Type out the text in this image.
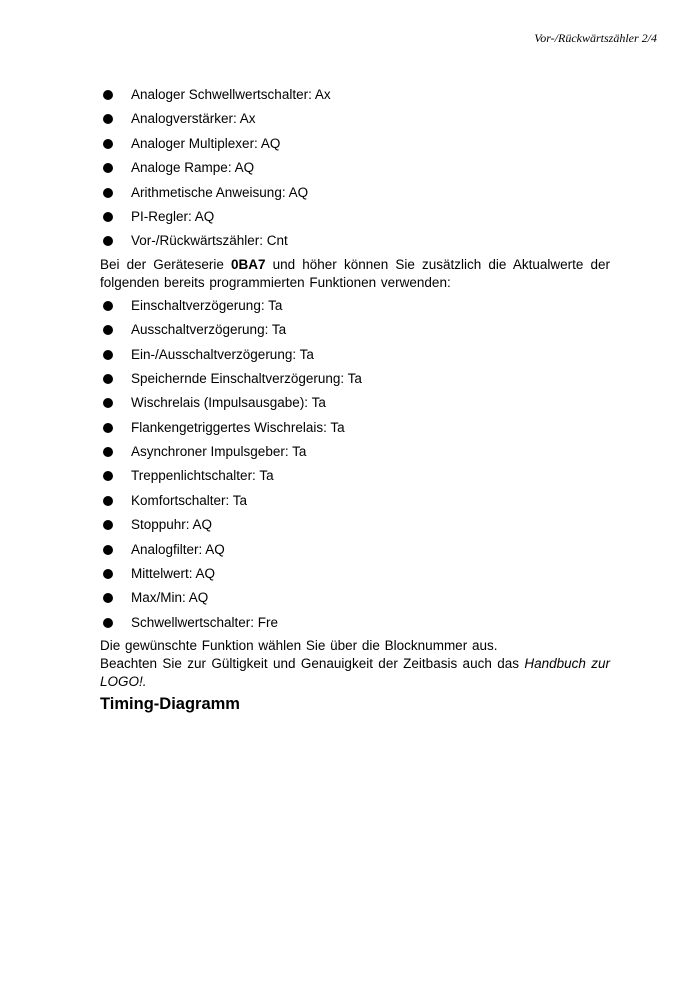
Vor-/Rückwärtszähler 2/4
Analoger Schwellwertschalter: Ax
Analogverstärker: Ax
Analoger Multiplexer: AQ
Analoge Rampe: AQ
Arithmetische Anweisung: AQ
PI-Regler: AQ
Vor-/Rückwärtszähler: Cnt

Bei der Geräteserie 0BA7 und höher können Sie zusätzlich die Aktualwerte der folgenden bereits programmierten Funktionen verwenden:

Einschaltverzögerung: Ta
Ausschaltverzögerung: Ta
Ein-/Ausschaltverzögerung: Ta
Speichernde Einschaltverzögerung: Ta
Wischrelais (Impulsausgabe): Ta
Flankengetriggertes Wischrelais: Ta
Asynchroner Impulsgeber: Ta
Treppenlichtschalter: Ta
Komfortschalter: Ta
Stoppuhr: AQ
Analogfilter: AQ
Mittelwert: AQ
Max/Min: AQ
Schwellwertschalter: Fre

Die gewünschte Funktion wählen Sie über die Blocknummer aus.

Beachten Sie zur Gültigkeit und Genauigkeit der Zeitbasis auch das Handbuch zur LOGO!.

Timing-Diagramm
